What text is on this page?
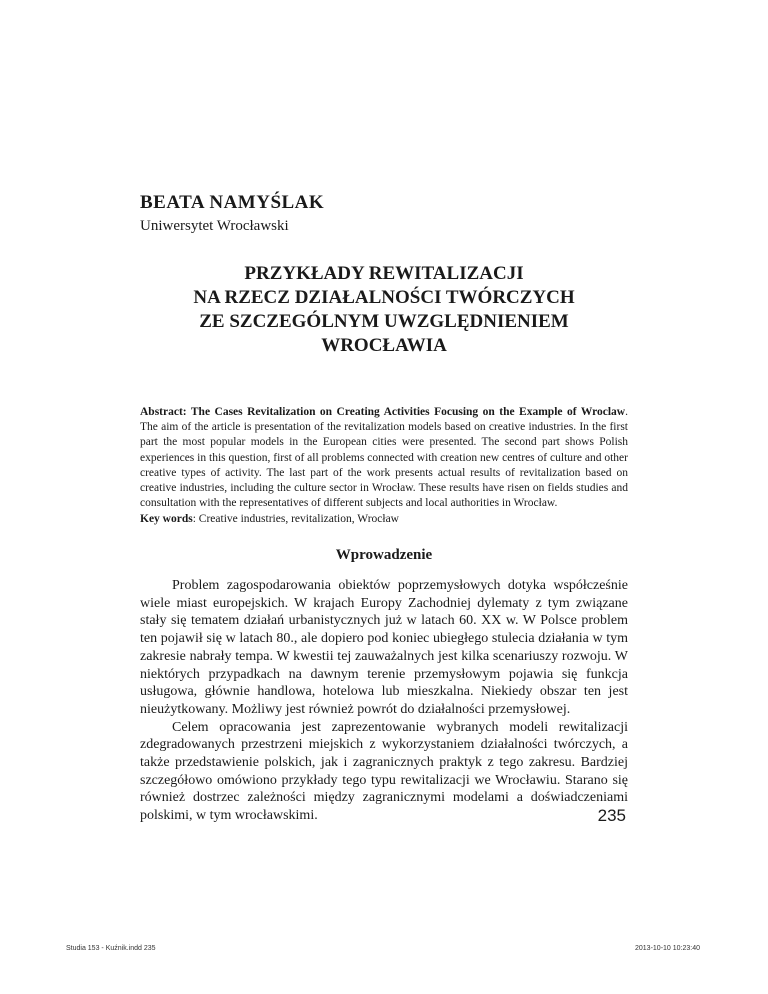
BEATA NAMYŚLAK
Uniwersytet Wrocławski
PRZYKŁADY REWITALIZACJI
NA RZECZ DZIAŁALNOŚCI TWÓRCZYCH
ZE SZCZEGÓLNYM UWZGLĘDNIENIEM
WROCŁAWIA
Abstract: The Cases Revitalization on Creating Activities Focusing on the Example of Wroclaw. The aim of the article is presentation of the revitalization models based on creative industries. In the first part the most popular models in the European cities were presented. The second part shows Polish experiences in this question, first of all problems connected with creation new centres of culture and other creative types of activity. The last part of the work presents actual results of revitalization based on creative industries, including the culture sector in Wrocław. These results have risen on fields studies and consultation with the representatives of different subjects and local authorities in Wrocław.
Key words: Creative industries, revitalization, Wrocław
Wprowadzenie

Problem zagospodarowania obiektów poprzemysłowych dotyka współcześnie wiele miast europejskich. W krajach Europy Zachodniej dylematy z tym związane stały się tematem działań urbanistycznych już w latach 60. XX w. W Polsce problem ten pojawił się w latach 80., ale dopiero pod koniec ubiegłego stulecia działania w tym zakresie nabrały tempa. W kwestii tej zauważalnych jest kilka scenariuszy rozwoju. W niektórych przypadkach na dawnym terenie przemysłowym pojawia się funkcja usługowa, głównie handlowa, hotelowa lub mieszkalna. Niekiedy obszar ten jest nieużytkowany. Możliwy jest również powrót do działalności przemysłowej.

Celem opracowania jest zaprezentowanie wybranych modeli rewitalizacji zdegradowanych przestrzeni miejskich z wykorzystaniem działalności twórczych, a także przedstawienie polskich, jak i zagranicznych praktyk z tego zakresu. Bardziej szczegółowo omówiono przykłady tego typu rewitalizacji we Wrocławiu. Starano się również dostrzec zależności między zagranicznymi modelami a doświadczeniami polskimi, w tym wrocławskimi.	235
Studia 153 - Kuźnik.indd 235	2013-10-10 10:23:40
